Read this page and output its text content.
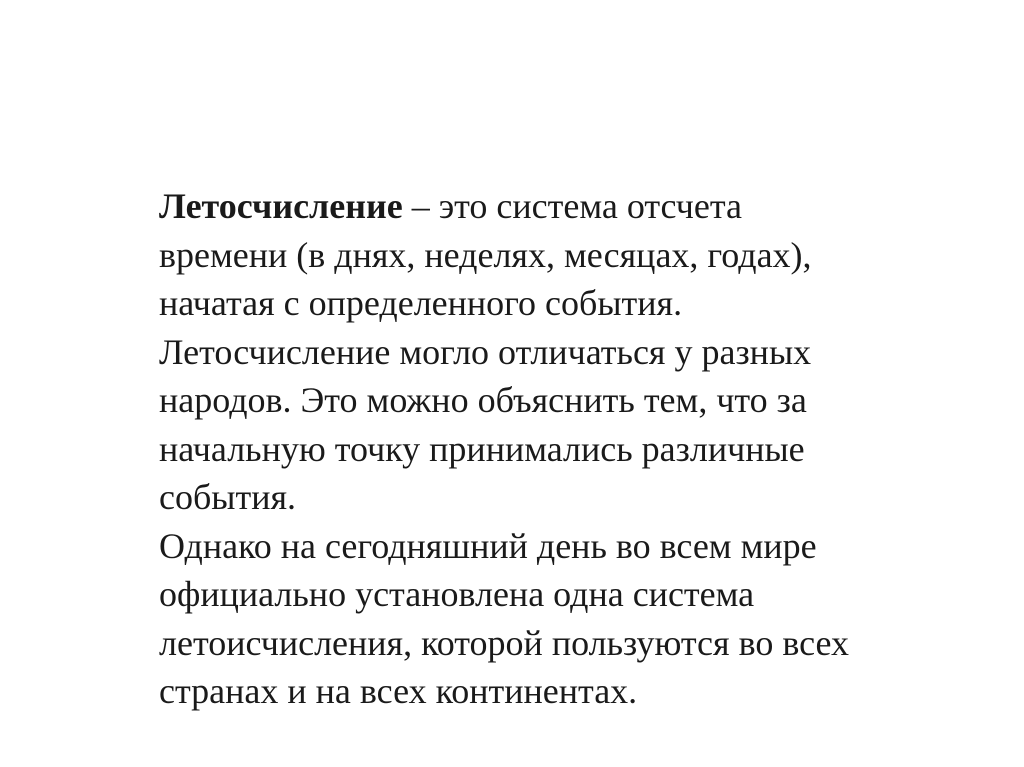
Летосчисление – это система отсчета
времени (в днях, неделях, месяцах, годах),
начатая с определенного события.
Летосчисление могло отличаться у разных
народов. Это можно объяснить тем, что за
начальную точку принимались различные
события.
Однако на сегодняшний день во всем мире
официально установлена одна система
летоисчисления, которой пользуются во всех
странах и на всех континентах.
